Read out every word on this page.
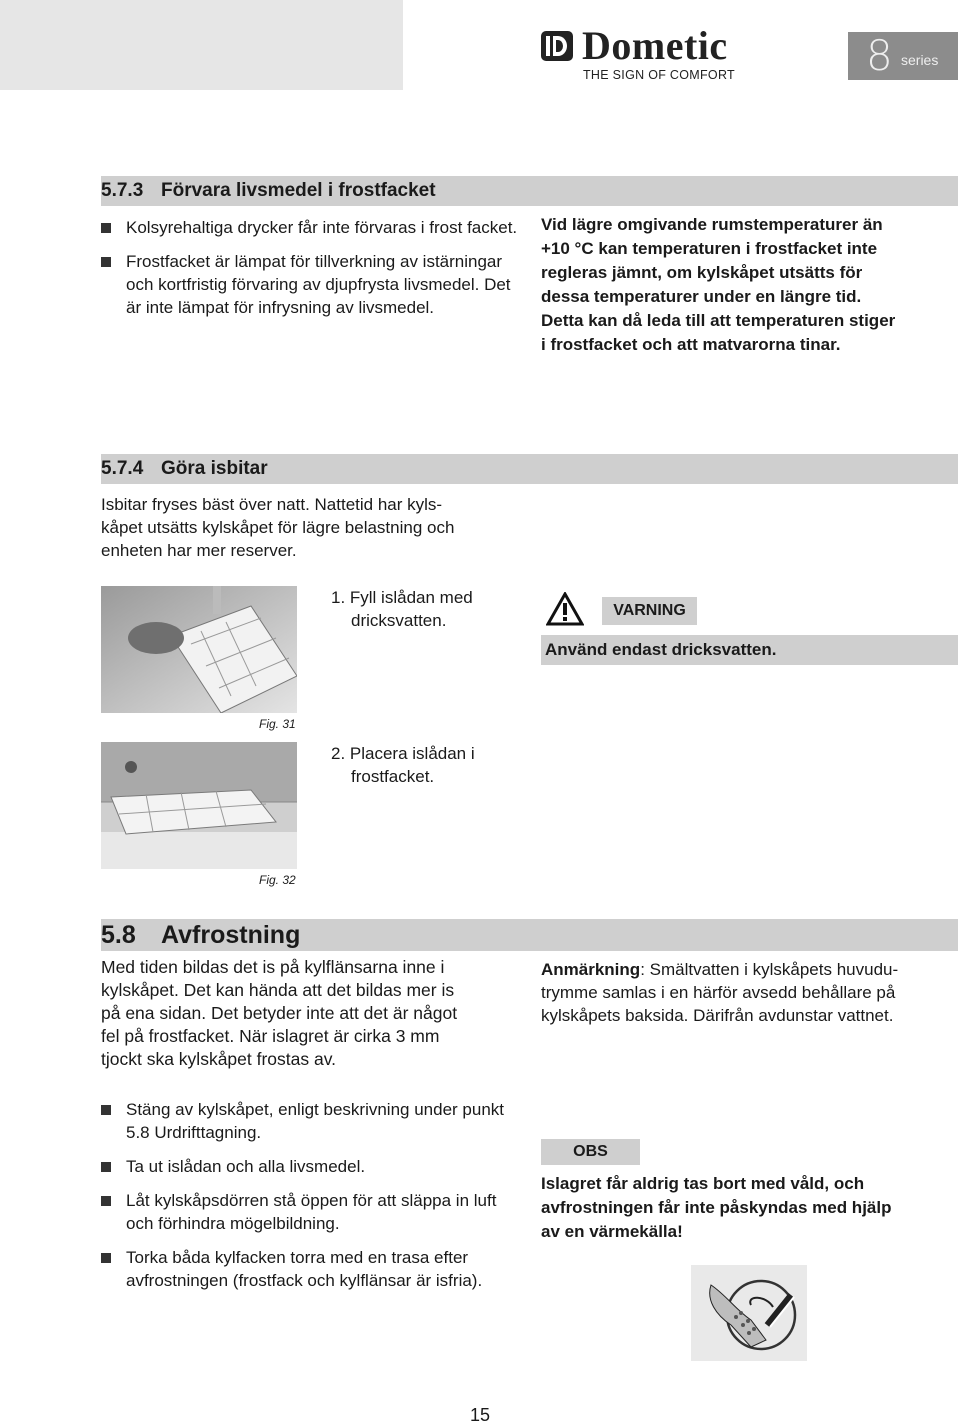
Dometic
THE SIGN OF COMFORT	8 series
5.7.3 Förvara livsmedel i frostfacket
Kolsyrehaltiga drycker får inte förvaras i frost facket.
Frostfacket är lämpat för tillverkning av istärningar och kortfristig förvaring av djupfrysta livsmedel. Det är inte lämpat för infrysning av livsmedel.
Vid lägre omgivande rumstemperaturer än
+10 °C kan temperaturen i frostfacket inte
regleras jämnt, om kylskåpet utsätts för
dessa temperaturer under en längre tid.
Detta kan då leda till att temperaturen stiger
i frostfacket och att matvarorna tinar.
5.7.4 Göra isbitar
Isbitar fryses bäst över natt. Nattetid har kyls-
kåpet utsätts kylskåpet för lägre belastning och
enheten har mer reserver.
Fig. 31
1. Fyll islådan med
dricksvatten.
VARNING
Använd endast dricksvatten.
Fig. 32
2. Placera islådan i
frostfacket.
5.8 Avfrostning
Med tiden bildas det is på kylflänsarna inne i
kylskåpet. Det kan hända att det bildas mer is
på ena sidan. Det betyder inte att det är något
fel på frostfacket. När islagret är cirka 3 mm
tjockt ska kylskåpet frostas av.
Anmärkning: Smältvatten i kylskåpets huvudu-
trymme samlas i en härför avsedd behållare på
kylskåpets baksida. Därifrån avdunstar vattnet.
Stäng av kylskåpet, enligt beskrivning under punkt 5.8 Urdrifttagning.
Ta ut islådan och alla livsmedel.
Låt kylskåpsdörren stå öppen för att släppa in luft och förhindra mögelbildning.
Torka båda kylfacken torra med en trasa efter avfrostningen (frostfack och kylflänsar är isfria).
OBS
Islagret får aldrig tas bort med våld, och
avfrostningen får inte påskyndas med hjälp
av en värmekälla!
15
